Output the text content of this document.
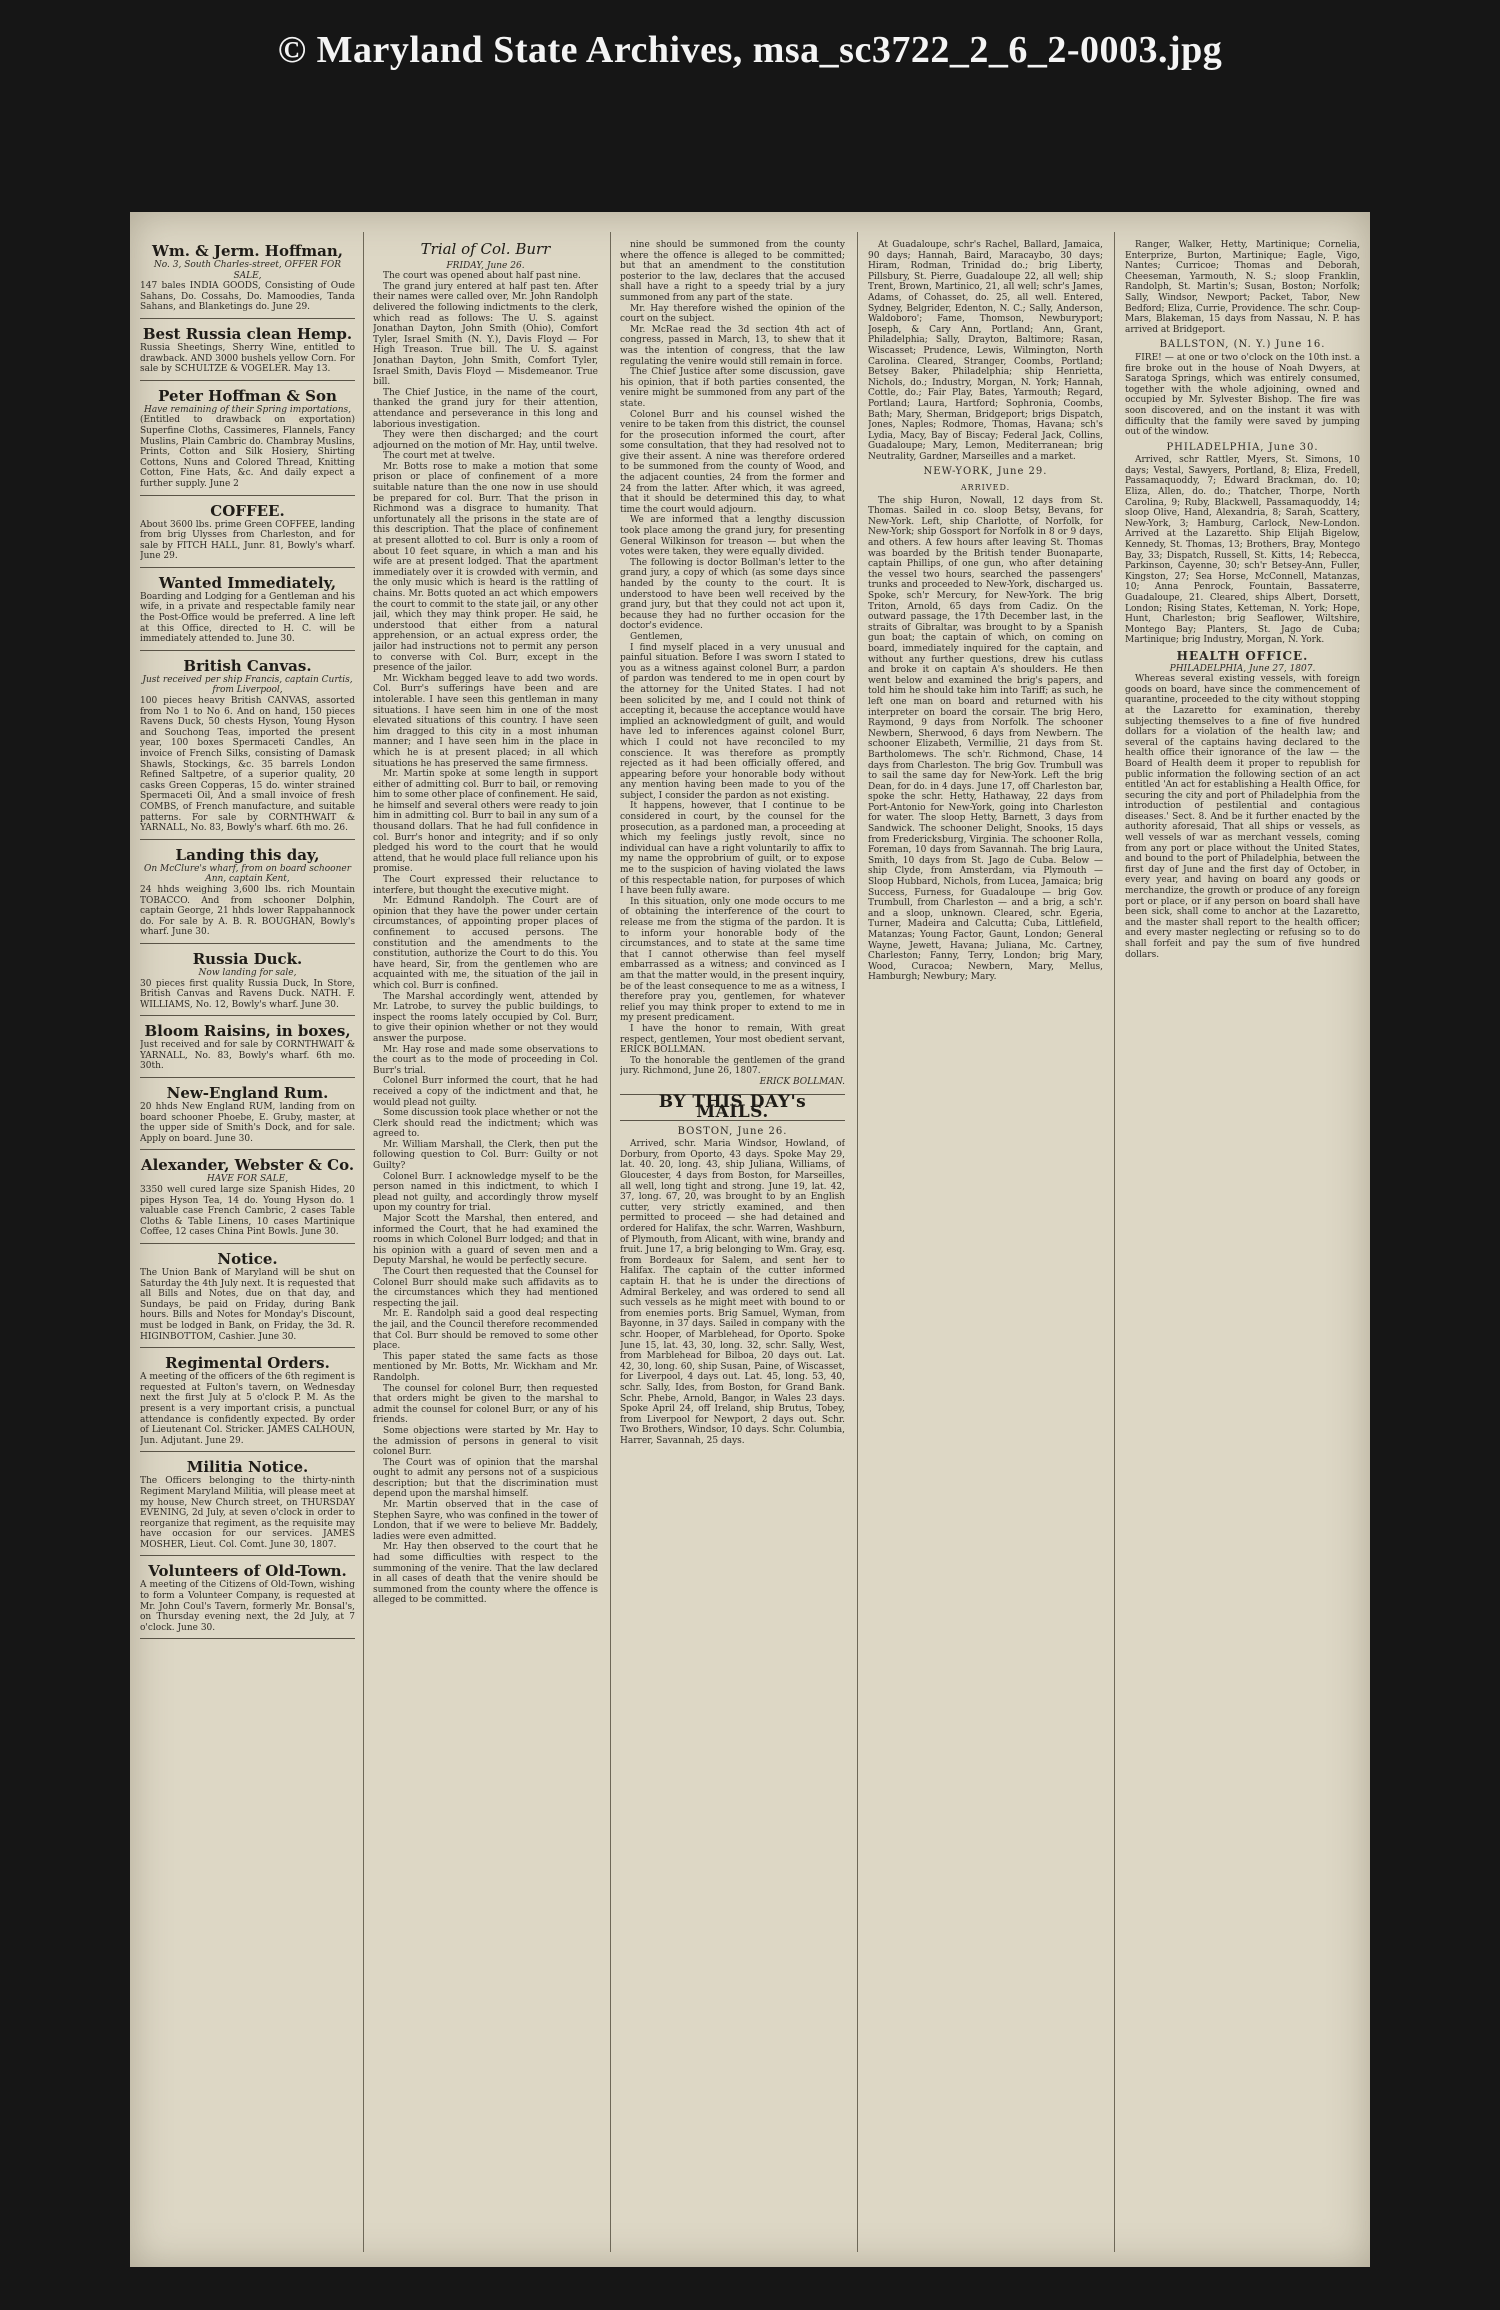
© Maryland State Archives, msa_sc3722_2_6_2-0003.jpg
Wm. & Jerm. Hoffman,
No. 3, South Charles-street, OFFER FOR SALE,
147 bales INDIA GOODS, Consisting of Oude Sahans, Do. Cossahs, Do. Mamoodies, Tanda Sahans, and Blanketings do. June 29.
Best Russia clean Hemp.
Russia Sheetings, Sherry Wine, entitled to drawback. AND 3000 bushels yellow Corn. For sale by SCHULTZE & VOGELER. May 13.
Peter Hoffman & Son
Have remaining of their Spring importations,
(Entitled to drawback on exportation) Superfine Cloths, Cassimeres, Flannels, Fancy Muslins, Plain Cambric do. Chambray Muslins, Prints, Cotton and Silk Hosiery, Shirting Cottons, Nuns and Colored Thread, Knitting Cotton, Fine Hats, &c. And daily expect a further supply. June 2
COFFEE.
About 3600 lbs. prime Green COFFEE, landing from brig Ulysses from Charleston, and for sale by FITCH HALL, Junr. 81, Bowly's wharf. June 29.
Wanted Immediately,
Boarding and Lodging for a Gentleman and his wife, in a private and respectable family near the Post-Office would be preferred. A line left at this Office, directed to H. C. will be immediately attended to. June 30.
British Canvas.
Just received per ship Francis, captain Curtis, from Liverpool,
100 pieces heavy British CANVAS, assorted from No 1 to No 6. And on hand, 150 pieces Ravens Duck, 50 chests Hyson, Young Hyson and Souchong Teas, imported the present year, 100 boxes Spermaceti Candles, An invoice of French Silks, consisting of Damask Shawls, Stockings, &c. 35 barrels London Refined Saltpetre, of a superior quality, 20 casks Green Copperas, 15 do. winter strained Spermaceti Oil, And a small invoice of fresh COMBS, of French manufacture, and suitable patterns. For sale by CORNTHWAIT & YARNALL, No. 83, Bowly's wharf. 6th mo. 26.
Landing this day,
On McClure's wharf, from on board schooner Ann, captain Kent,
24 hhds weighing 3,600 lbs. rich Mountain TOBACCO. And from schooner Dolphin, captain George, 21 hhds lower Rappahannock do. For sale by A. B. R. BOUGHAN, Bowly's wharf. June 30.
Russia Duck.
Now landing for sale,
30 pieces first quality Russia Duck, In Store, British Canvas and Ravens Duck. NATH. F. WILLIAMS, No. 12, Bowly's wharf. June 30.
Bloom Raisins, in boxes,
Just received and for sale by CORNTHWAIT & YARNALL, No. 83, Bowly's wharf. 6th mo. 30th.
New-England Rum.
20 hhds New England RUM, landing from on board schooner Phoebe, E. Gruby, master, at the upper side of Smith's Dock, and for sale. Apply on board. June 30.
Alexander, Webster & Co.
HAVE FOR SALE,
3350 well cured large size Spanish Hides, 20 pipes Hyson Tea, 14 do. Young Hyson do. 1 valuable case French Cambric, 2 cases Table Cloths & Table Linens, 10 cases Martinique Coffee, 12 cases China Pint Bowls. June 30.
Notice.
The Union Bank of Maryland will be shut on Saturday the 4th July next. It is requested that all Bills and Notes, due on that day, and Sundays, be paid on Friday, during Bank hours. Bills and Notes for Monday's Discount, must be lodged in Bank, on Friday, the 3d. R. HIGINBOTTOM, Cashier. June 30.
Regimental Orders.
A meeting of the officers of the 6th regiment is requested at Fulton's tavern, on Wednesday next the first July at 5 o'clock P. M. As the present is a very important crisis, a punctual attendance is confidently expected. By order of Lieutenant Col. Stricker. JAMES CALHOUN, Jun. Adjutant. June 29.
Militia Notice.
The Officers belonging to the thirty-ninth Regiment Maryland Militia, will please meet at my house, New Church street, on THURSDAY EVENING, 2d July, at seven o'clock in order to reorganize that regiment, as the requisite may have occasion for our services. JAMES MOSHER, Lieut. Col. Comt. June 30, 1807.
Volunteers of Old-Town.
A meeting of the Citizens of Old-Town, wishing to form a Volunteer Company, is requested at Mr. John Coul's Tavern, formerly Mr. Bonsal's, on Thursday evening next, the 2d July, at 7 o'clock. June 30.
Trial of Col. Burr
FRIDAY, June 26.

The court was opened about half past nine.

The grand jury entered at half past ten. After their names were called over, Mr. John Randolph delivered the following indictments to the clerk, which read as follows: The U. S. against Jonathan Dayton, John Smith (Ohio), Comfort Tyler, Israel Smith (N. Y.), Davis Floyd — For High Treason. True bill. The U. S. against Jonathan Dayton, John Smith, Comfort Tyler, Israel Smith, Davis Floyd — Misdemeanor. True bill.

The Chief Justice, in the name of the court, thanked the grand jury for their attention, attendance and perseverance in this long and laborious investigation.

They were then discharged; and the court adjourned on the motion of Mr. Hay, until twelve.

The court met at twelve.

Mr. Botts rose to make a motion that some prison or place of confinement of a more suitable nature than the one now in use should be prepared for col. Burr. That the prison in Richmond was a disgrace to humanity. That unfortunately all the prisons in the state are of this description. That the place of confinement at present allotted to col. Burr is only a room of about 10 feet square, in which a man and his wife are at present lodged. That the apartment immediately over it is crowded with vermin, and the only music which is heard is the rattling of chains. Mr. Botts quoted an act which empowers the court to commit to the state jail, or any other jail, which they may think proper. He said, he understood that either from a natural apprehension, or an actual express order, the jailor had instructions not to permit any person to converse with Col. Burr, except in the presence of the jailor.

Mr. Wickham begged leave to add two words. Col. Burr's sufferings have been and are intolerable. I have seen this gentleman in many situations. I have seen him in one of the most elevated situations of this country. I have seen him dragged to this city in a most inhuman manner; and I have seen him in the place in which he is at present placed; in all which situations he has preserved the same firmness.

Mr. Martin spoke at some length in support either of admitting col. Burr to bail, or removing him to some other place of confinement. He said, he himself and several others were ready to join him in admitting col. Burr to bail in any sum of a thousand dollars. That he had full confidence in col. Burr's honor and integrity; and if so only pledged his word to the court that he would attend, that he would place full reliance upon his promise.

The Court expressed their reluctance to interfere, but thought the executive might.

Mr. Edmund Randolph. The Court are of opinion that they have the power under certain circumstances, of appointing proper places of confinement to accused persons. The constitution and the amendments to the constitution, authorize the Court to do this. You have heard, Sir, from the gentlemen who are acquainted with me, the situation of the jail in which col. Burr is confined.

The Marshal accordingly went, attended by Mr. Latrobe, to survey the public buildings, to inspect the rooms lately occupied by Col. Burr, to give their opinion whether or not they would answer the purpose.

Mr. Hay rose and made some observations to the court as to the mode of proceeding in Col. Burr's trial.

Colonel Burr informed the court, that he had received a copy of the indictment and that, he would plead not guilty.

Some discussion took place whether or not the Clerk should read the indictment; which was agreed to.

Mr. William Marshall, the Clerk, then put the following question to Col. Burr: Guilty or not Guilty?

Colonel Burr. I acknowledge myself to be the person named in this indictment, to which I plead not guilty, and accordingly throw myself upon my country for trial.

Major Scott the Marshal, then entered, and informed the Court, that he had examined the rooms in which Colonel Burr lodged; and that in his opinion with a guard of seven men and a Deputy Marshal, he would be perfectly secure.

The Court then requested that the Counsel for Colonel Burr should make such affidavits as to the circumstances which they had mentioned respecting the jail.

Mr. E. Randolph said a good deal respecting the jail, and the Council therefore recommended that Col. Burr should be removed to some other place.

This paper stated the same facts as those mentioned by Mr. Botts, Mr. Wickham and Mr. Randolph.

The counsel for colonel Burr, then requested that orders might be given to the marshal to admit the counsel for colonel Burr, or any of his friends.

Some objections were started by Mr. Hay to the admission of persons in general to visit colonel Burr.

The Court was of opinion that the marshal ought to admit any persons not of a suspicious description; but that the discrimination must depend upon the marshal himself.

Mr. Martin observed that in the case of Stephen Sayre, who was confined in the tower of London, that if we were to believe Mr. Baddely, ladies were even admitted.

Mr. Hay then observed to the court that he had some difficulties with respect to the summoning of the venire. That the law declared in all cases of death that the venire should be summoned from the county where the offence is alleged to be committed.

nine should be summoned from the county where the offence is alleged to be committed; but that an amendment to the constitution posterior to the law, declares that the accused shall have a right to a speedy trial by a jury summoned from any part of the state.

Mr. Hay therefore wished the opinion of the court on the subject.

Mr. McRae read the 3d section 4th act of congress, passed in March, 13, to shew that it was the intention of congress, that the law regulating the venire would still remain in force.

The Chief Justice after some discussion, gave his opinion, that if both parties consented, the venire might be summoned from any part of the state.

Colonel Burr and his counsel wished the venire to be taken from this district, the counsel for the prosecution informed the court, after some consultation, that they had resolved not to give their assent. A nine was therefore ordered to be summoned from the county of Wood, and the adjacent counties, 24 from the former and 24 from the latter. After which, it was agreed, that it should be determined this day, to what time the court would adjourn.

We are informed that a lengthy discussion took place among the grand jury, for presenting General Wilkinson for treason — but when the votes were taken, they were equally divided.

The following is doctor Bollman's letter to the grand jury, a copy of which (as some days since handed by the county to the court. It is understood to have been well received by the grand jury, but that they could not act upon it, because they had no further occasion for the doctor's evidence.

Gentlemen,

I find myself placed in a very unusual and painful situation. Before I was sworn I stated to you as a witness against colonel Burr, a pardon of pardon was tendered to me in open court by the attorney for the United States. I had not been solicited by me, and I could not think of accepting it, because the acceptance would have implied an acknowledgment of guilt, and would have led to inferences against colonel Burr, which I could not have reconciled to my conscience. It was therefore as promptly rejected as it had been officially offered, and appearing before your honorable body without any mention having been made to you of the subject, I consider the pardon as not existing.

It happens, however, that I continue to be considered in court, by the counsel for the prosecution, as a pardoned man, a proceeding at which my feelings justly revolt, since no individual can have a right voluntarily to affix to my name the opprobrium of guilt, or to expose me to the suspicion of having violated the laws of this respectable nation, for purposes of which I have been fully aware.

In this situation, only one mode occurs to me of obtaining the interference of the court to release me from the stigma of the pardon. It is to inform your honorable body of the circumstances, and to state at the same time that I cannot otherwise than feel myself embarrassed as a witness; and convinced as I am that the matter would, in the present inquiry, be of the least consequence to me as a witness, I therefore pray you, gentlemen, for whatever relief you may think proper to extend to me in my present predicament.

I have the honor to remain, With great respect, gentlemen, Your most obedient servant, ERICK BOLLMAN.

To the honorable the gentlemen of the grand jury. Richmond, June 26, 1807.

ERICK BOLLMAN.
BY THIS DAY's MAILS.
BOSTON, June 26.

Arrived, schr. Maria Windsor, Howland, of Dorbury, from Oporto, 43 days. Spoke May 29, lat. 40. 20, long. 43, ship Juliana, Williams, of Gloucester, 4 days from Boston, for Marseilles, all well, long tight and strong. June 19, lat. 42, 37, long. 67, 20, was brought to by an English cutter, very strictly examined, and then permitted to proceed — she had detained and ordered for Halifax, the schr. Warren, Washburn, of Plymouth, from Alicant, with wine, brandy and fruit. June 17, a brig belonging to Wm. Gray, esq. from Bordeaux for Salem, and sent her to Halifax. The captain of the cutter informed captain H. that he is under the directions of Admiral Berkeley, and was ordered to send all such vessels as he might meet with bound to or from enemies ports. Brig Samuel, Wyman, from Bayonne, in 37 days. Sailed in company with the schr. Hooper, of Marblehead, for Oporto. Spoke June 15, lat. 43, 30, long. 32, schr. Sally, West, from Marblehead for Bilboa, 20 days out. Lat. 42, 30, long. 60, ship Susan, Paine, of Wiscasset, for Liverpool, 4 days out. Lat. 45, long. 53, 40, schr. Sally, Ides, from Boston, for Grand Bank. Schr. Phebe, Arnold, Bangor, in Wales 23 days. Spoke April 24, off Ireland, ship Brutus, Tobey, from Liverpool for Newport, 2 days out. Schr. Two Brothers, Windsor, 10 days. Schr. Columbia, Harrer, Savannah, 25 days.

At Guadaloupe, schr's Rachel, Ballard, Jamaica, 90 days; Hannah, Baird, Maracaybo, 30 days; Hiram, Rodman, Trinidad do.; brig Liberty, Pillsbury, St. Pierre, Guadaloupe 22, all well; ship Trent, Brown, Martinico, 21, all well; schr's James, Adams, of Cohasset, do. 25, all well. Entered, Sydney, Belgrider, Edenton, N. C.; Sally, Anderson, Waldoboro'; Fame, Thomson, Newburyport; Joseph, & Cary Ann, Portland; Ann, Grant, Philadelphia; Sally, Drayton, Baltimore; Rasan, Wiscasset; Prudence, Lewis, Wilmington, North Carolina. Cleared, Stranger, Coombs, Portland; Betsey Baker, Philadelphia; ship Henrietta, Nichols, do.; Industry, Morgan, N. York; Hannah, Cottle, do.; Fair Play, Bates, Yarmouth; Regard, Portland; Laura, Hartford; Sophronia, Coombs, Bath; Mary, Sherman, Bridgeport; brigs Dispatch, Jones, Naples; Rodmore, Thomas, Havana; sch's Lydia, Macy, Bay of Biscay; Federal Jack, Collins, Guadaloupe; Mary, Lemon, Mediterranean; brig Neutrality, Gardner, Marseilles and a market.

NEW-YORK, June 29.
ARRIVED.

The ship Huron, Nowall, 12 days from St. Thomas. Sailed in co. sloop Betsy, Bevans, for New-York. Left, ship Charlotte, of Norfolk, for New-York; ship Gossport for Norfolk in 8 or 9 days, and others. A few hours after leaving St. Thomas was boarded by the British tender Buonaparte, captain Phillips, of one gun, who after detaining the vessel two hours, searched the passengers' trunks and proceeded to New-York, discharged us. Spoke, sch'r Mercury, for New-York. The brig Triton, Arnold, 65 days from Cadiz. On the outward passage, the 17th December last, in the straits of Gibraltar, was brought to by a Spanish gun boat; the captain of which, on coming on board, immediately inquired for the captain, and without any further questions, drew his cutlass and broke it on captain A's shoulders. He then went below and examined the brig's papers, and told him he should take him into Tariff; as such, he left one man on board and returned with his interpreter on board the corsair. The brig Hero, Raymond, 9 days from Norfolk. The schooner Newbern, Sherwood, 6 days from Newbern. The schooner Elizabeth, Vermillie, 21 days from St. Bartholomews. The sch'r. Richmond, Chase, 14 days from Charleston. The brig Gov. Trumbull was to sail the same day for New-York. Left the brig Dean, for do. in 4 days. June 17, off Charleston bar, spoke the schr. Hetty, Hathaway, 22 days from Port-Antonio for New-York, going into Charleston for water. The sloop Hetty, Barnett, 3 days from Sandwick. The schooner Delight, Snooks, 15 days from Fredericksburg, Virginia. The schooner Rolla, Foreman, 10 days from Savannah. The brig Laura, Smith, 10 days from St. Jago de Cuba. Below — ship Clyde, from Amsterdam, via Plymouth — Sloop Hubbard, Nichols, from Lucea, Jamaica; brig Success, Furness, for Guadaloupe — brig Gov. Trumbull, from Charleston — and a brig, a sch'r. and a sloop, unknown. Cleared, schr. Egeria, Turner, Madeira and Calcutta; Cuba, Littlefield, Matanzas; Young Factor, Gaunt, London; General Wayne, Jewett, Havana; Juliana, Mc. Cartney, Charleston; Fanny, Terry, London; brig Mary, Wood, Curacoa; Newbern, Mary, Mellus, Hamburgh; Newbury; Mary.

Ranger, Walker, Hetty, Martinique; Cornelia, Enterprize, Burton, Martinique; Eagle, Vigo, Nantes; Curricoe; Thomas and Deborah, Cheeseman, Yarmouth, N. S.; sloop Franklin, Randolph, St. Martin's; Susan, Boston; Norfolk; Sally, Windsor, Newport; Packet, Tabor, New Bedford; Eliza, Currie, Providence. The schr. Coup-Mars, Blakeman, 15 days from Nassau, N. P. has arrived at Bridgeport.

BALLSTON, (N. Y.) June 16.

FIRE! — at one or two o'clock on the 10th inst. a fire broke out in the house of Noah Dwyers, at Saratoga Springs, which was entirely consumed, together with the whole adjoining, owned and occupied by Mr. Sylvester Bishop. The fire was soon discovered, and on the instant it was with difficulty that the family were saved by jumping out of the window.

PHILADELPHIA, June 30.

Arrived, schr Rattler, Myers, St. Simons, 10 days; Vestal, Sawyers, Portland, 8; Eliza, Fredell, Passamaquoddy, 7; Edward Brackman, do. 10; Eliza, Allen, do. do.; Thatcher, Thorpe, North Carolina, 9; Ruby, Blackwell, Passamaquoddy, 14; sloop Olive, Hand, Alexandria, 8; Sarah, Scattery, New-York, 3; Hamburg, Carlock, New-London. Arrived at the Lazaretto. Ship Elijah Bigelow, Kennedy, St. Thomas, 13; Brothers, Bray, Montego Bay, 33; Dispatch, Russell, St. Kitts, 14; Rebecca, Parkinson, Cayenne, 30; sch'r Betsey-Ann, Fuller, Kingston, 27; Sea Horse, McConnell, Matanzas, 10; Anna Penrock, Fountain, Bassaterre, Guadaloupe, 21. Cleared, ships Albert, Dorsett, London; Rising States, Ketteman, N. York; Hope, Hunt, Charleston; brig Seaflower, Wiltshire, Montego Bay; Planters, St. Jago de Cuba; Martinique; brig Industry, Morgan, N. York.

HEALTH OFFICE.
PHILADELPHIA, June 27, 1807.

Whereas several existing vessels, with foreign goods on board, have since the commencement of quarantine, proceeded to the city without stopping at the Lazaretto for examination, thereby subjecting themselves to a fine of five hundred dollars for a violation of the health law; and several of the captains having declared to the health office their ignorance of the law — the Board of Health deem it proper to republish for public information the following section of an act entitled 'An act for establishing a Health Office, for securing the city and port of Philadelphia from the introduction of pestilential and contagious diseases.' Sect. 8. And be it further enacted by the authority aforesaid, That all ships or vessels, as well vessels of war as merchant vessels, coming from any port or place without the United States, and bound to the port of Philadelphia, between the first day of June and the first day of October, in every year, and having on board any goods or merchandize, the growth or produce of any foreign port or place, or if any person on board shall have been sick, shall come to anchor at the Lazaretto, and the master shall report to the health officer; and every master neglecting or refusing so to do shall forfeit and pay the sum of five hundred dollars.
